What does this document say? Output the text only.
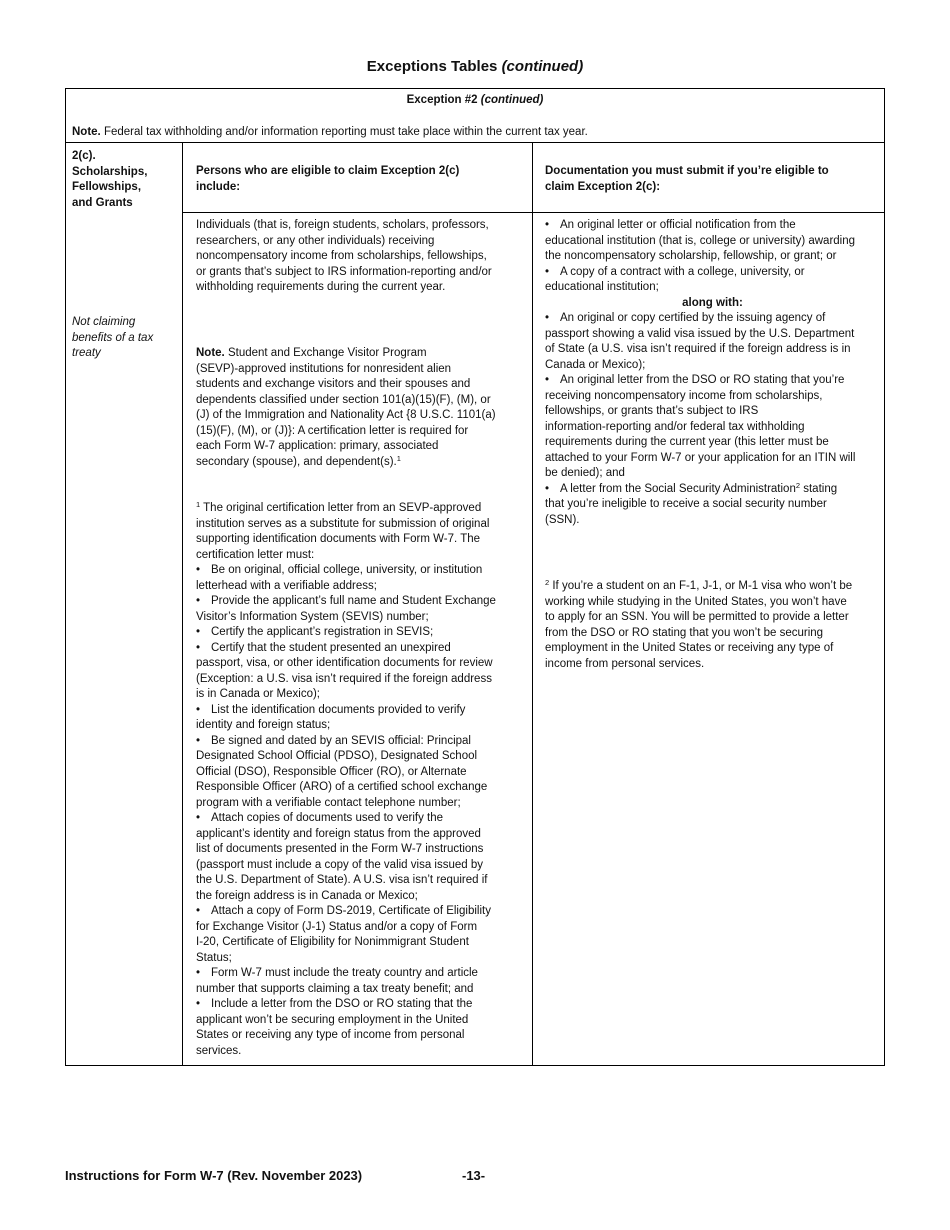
Exceptions Tables (continued)
Exception #2 (continued)
Note. Federal tax withholding and/or information reporting must take place within the current tax year.
2(c).
Scholarships,
Fellowships,
and Grants
Not claiming
benefits of a tax
treaty
Persons who are eligible to claim Exception 2(c)
include:
Individuals (that is, foreign students, scholars, professors,
researchers, or any other individuals) receiving
noncompensatory income from scholarships, fellowships,
or grants that’s subject to IRS information-reporting and/or
withholding requirements during the current year.
Note. Student and Exchange Visitor Program
(SEVP)-approved institutions for nonresident alien
students and exchange visitors and their spouses and
dependents classified under section 101(a)(15)(F), (M), or
(J) of the Immigration and Nationality Act {8 U.S.C. 1101(a)
(15)(F), (M), or (J)}: A certification letter is required for
each Form W-7 application: primary, associated
secondary (spouse), and dependent(s).$^1$
$^1$ The original certification letter from an SEVP-approved
institution serves as a substitute for submission of original
supporting identification documents with Form W-7. The
certification letter must:
• Be on original, official college, university, or institution
letterhead with a verifiable address;
• Provide the applicant’s full name and Student Exchange
Visitor’s Information System (SEVIS) number;
• Certify the applicant’s registration in SEVIS;
• Certify that the student presented an unexpired
passport, visa, or other identification documents for review
(Exception: a U.S. visa isn’t required if the foreign address
is in Canada or Mexico);
• List the identification documents provided to verify
identity and foreign status;
• Be signed and dated by an SEVIS official: Principal
Designated School Official (PDSO), Designated School
Official (DSO), Responsible Officer (RO), or Alternate
Responsible Officer (ARO) of a certified school exchange
program with a verifiable contact telephone number;
• Attach copies of documents used to verify the
applicant’s identity and foreign status from the approved
list of documents presented in the Form W-7 instructions
(passport must include a copy of the valid visa issued by
the U.S. Department of State). A U.S. visa isn’t required if
the foreign address is in Canada or Mexico;
• Attach a copy of Form DS-2019, Certificate of Eligibility
for Exchange Visitor (J-1) Status and/or a copy of Form
I-20, Certificate of Eligibility for Nonimmigrant Student
Status;
• Form W-7 must include the treaty country and article
number that supports claiming a tax treaty benefit; and
• Include a letter from the DSO or RO stating that the
applicant won’t be securing employment in the United
States or receiving any type of income from personal
services.
Documentation you must submit if you’re eligible to
claim Exception 2(c):
• An original letter or official notification from the
educational institution (that is, college or university) awarding
the noncompensatory scholarship, fellowship, or grant; or
• A copy of a contract with a college, university, or
educational institution;
along with:
• An original or copy certified by the issuing agency of
passport showing a valid visa issued by the U.S. Department
of State (a U.S. visa isn’t required if the foreign address is in
Canada or Mexico);
• An original letter from the DSO or RO stating that you’re
receiving noncompensatory income from scholarships,
fellowships, or grants that’s subject to IRS
information-reporting and/or federal tax withholding
requirements during the current year (this letter must be
attached to your Form W-7 or your application for an ITIN will
be denied); and
• A letter from the Social Security Administration$^2$ stating
that you’re ineligible to receive a social security number
(SSN).
$^2$ If you’re a student on an F-1, J-1, or M-1 visa who won’t be
working while studying in the United States, you won’t have
to apply for an SSN. You will be permitted to provide a letter
from the DSO or RO stating that you won’t be securing
employment in the United States or receiving any type of
income from personal services.
Instructions for Form W-7 (Rev. November 2023)	-13-
